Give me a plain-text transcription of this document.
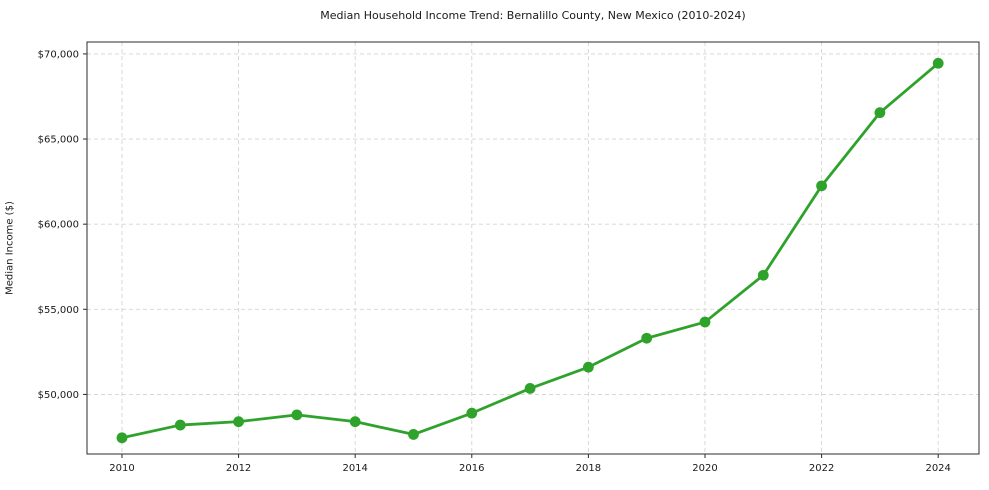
Median Household Income Trend: Bernalillo County, New Mexico (2010-2024)
Median Income ($)
2010	2012	2014	2016	2018	2020	2022	2024
$50,000
$55,000
$60,000
$65,000
$70,000
